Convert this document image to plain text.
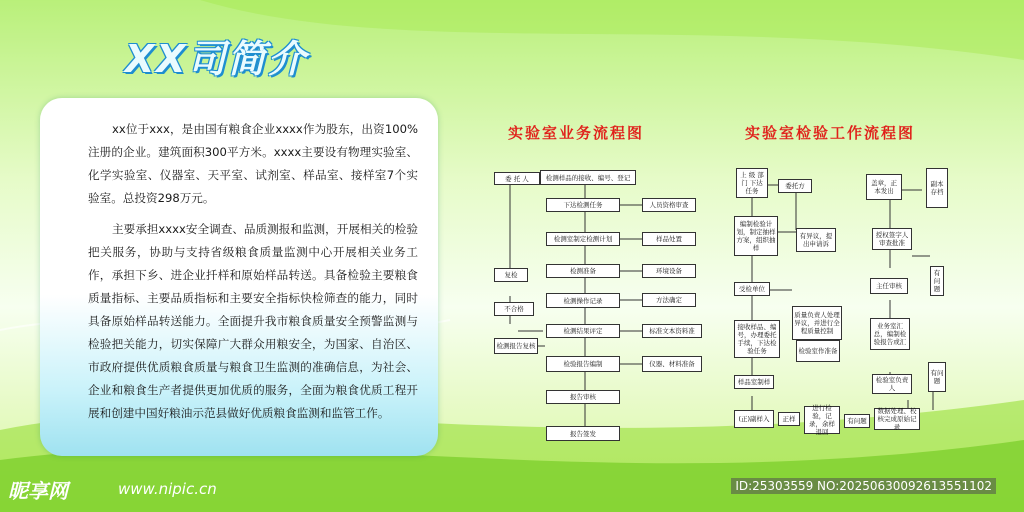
XX司简介

xx位于xxx，是由国有粮食企业xxxx作为股东，出资100%注册的企业。建筑面积300平方米。xxxx主要设有物理实验室、化学实验室、仪器室、天平室、试剂室、样品室、接样室7个实验室。总投资298万元。

主要承担xxxx安全调查、品质测报和监测，开展相关的检验把关服务，协助与支持省级粮食质量监测中心开展相关业务工作，承担下乡、进企业扦样和原始样品转送。具备检验主要粮食质量指标、主要品质指标和主要安全指标快检筛查的能力，同时具备原始样品转送能力。全面提升我市粮食质量安全预警监测与检验把关能力，切实保障广大群众用粮安全，为国家、自治区、市政府提供优质粮食质量与粮食卫生监测的准确信息，为社会、企业和粮食生产者提供更加优质的服务，全面为粮食优质工程开展和创建中国好粮油示范县做好优质粮食监测和监管工作。

实验室业务流程图	实验室检验工作流程图
委 托 人	检测样品的接收、编号、登记
下达检测任务
检测室制定检测计划
检测准备
检测操作记录
检测结果评定
检验报告编制
报告审核
报告签发
复检
不合格
检测报告复核
人员资格审查
样品处置
环境设备
方法确定
标准文本资料准
仪器、材料准备
上 级 部门 下达任务
委托方	盖章，正本发出
副本存档
编制检验计划，制定抽样方案，组织抽样
有异议，提出申请诉
授权签字人审查批准
有问题
受检单位
质量负责人处理异议，并进行全程质量控制
主任审核
接收样品、编号，办理委托手续，下达检验任务
业务室汇总，编制检验报告或汇
样品室制样
检验室作准备
检验室负责人
有问题
(正)副样入	正样
进行检验，记录，余样退回
有问题
数据处理、校核完成原始记录
昵享网	www.nipic.cn	ID:25303559 NO:20250630092613551102
